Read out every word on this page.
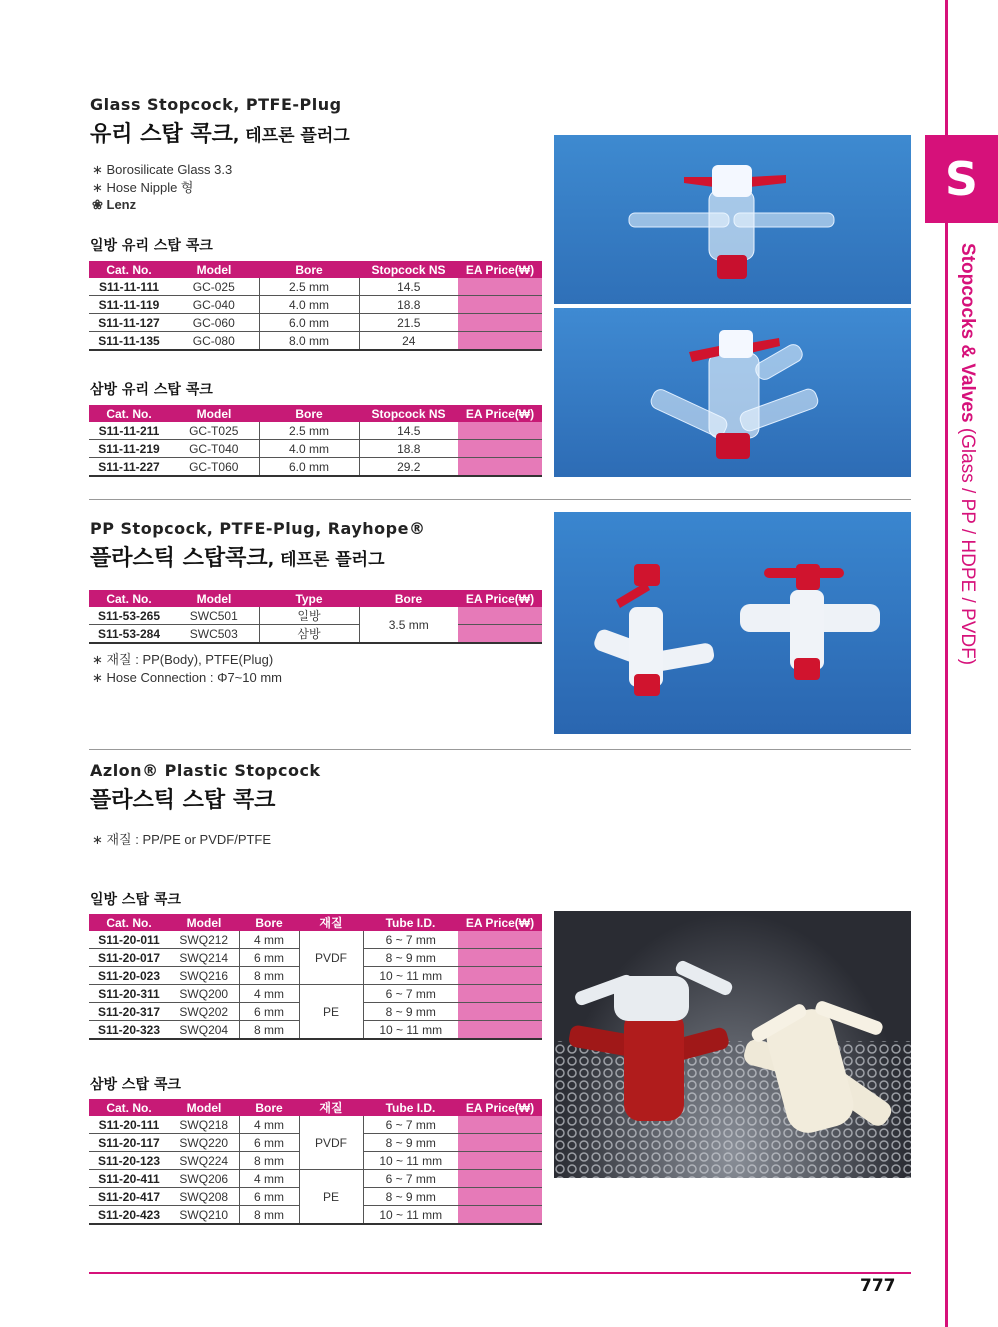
S
Stopcocks & Valves (Glass / PP / HDPE / PVDF)
Glass Stopcock, PTFE-Plug
유리 스탑 콕크, 테프론 플러그
∗ Borosilicate Glass 3.3
∗ Hose Nipple 형
❀ Lenz
일방 유리 스탑 콕크
Cat. No.	Model	Bore	Stopcock NS	EA Price(₩)
S11-11-111	GC-025	2.5 mm	14.5	
S11-11-119	GC-040	4.0 mm	18.8	
S11-11-127	GC-060	6.0 mm	21.5	
S11-11-135	GC-080	8.0 mm	24	
삼방 유리 스탑 콕크
Cat. No.	Model	Bore	Stopcock NS	EA Price(₩)
S11-11-211	GC-T025	2.5 mm	14.5	
S11-11-219	GC-T040	4.0 mm	18.8	
S11-11-227	GC-T060	6.0 mm	29.2	
PP Stopcock, PTFE-Plug, Rayhope®
플라스틱 스탑콕크, 테프론 플러그
Cat. No.	Model	Type	Bore	EA Price(₩)
S11-53-265	SWC501	일방	3.5 mm	
S11-53-284	SWC503	삼방		
∗ 재질 : PP(Body), PTFE(Plug)
∗ Hose Connection : Φ7~10 mm
Azlon® Plastic Stopcock
플라스틱 스탑 콕크
∗ 재질 : PP/PE or PVDF/PTFE
일방 스탑 콕크
Cat. No.	Model	Bore	재질	Tube I.D.	EA Price(₩)
S11-20-011	SWQ212	4 mm	PVDF	6 ~ 7 mm	
S11-20-017	SWQ214	6 mm		8 ~ 9 mm	
S11-20-023	SWQ216	8 mm		10 ~ 11 mm	
S11-20-311	SWQ200	4 mm	PE	6 ~ 7 mm	
S11-20-317	SWQ202	6 mm		8 ~ 9 mm	
S11-20-323	SWQ204	8 mm		10 ~ 11 mm	
삼방 스탑 콕크
Cat. No.	Model	Bore	재질	Tube I.D.	EA Price(₩)
S11-20-111	SWQ218	4 mm	PVDF	6 ~ 7 mm	
S11-20-117	SWQ220	6 mm		8 ~ 9 mm	
S11-20-123	SWQ224	8 mm		10 ~ 11 mm	
S11-20-411	SWQ206	4 mm	PE	6 ~ 7 mm	
S11-20-417	SWQ208	6 mm		8 ~ 9 mm	
S11-20-423	SWQ210	8 mm		10 ~ 11 mm	
777
